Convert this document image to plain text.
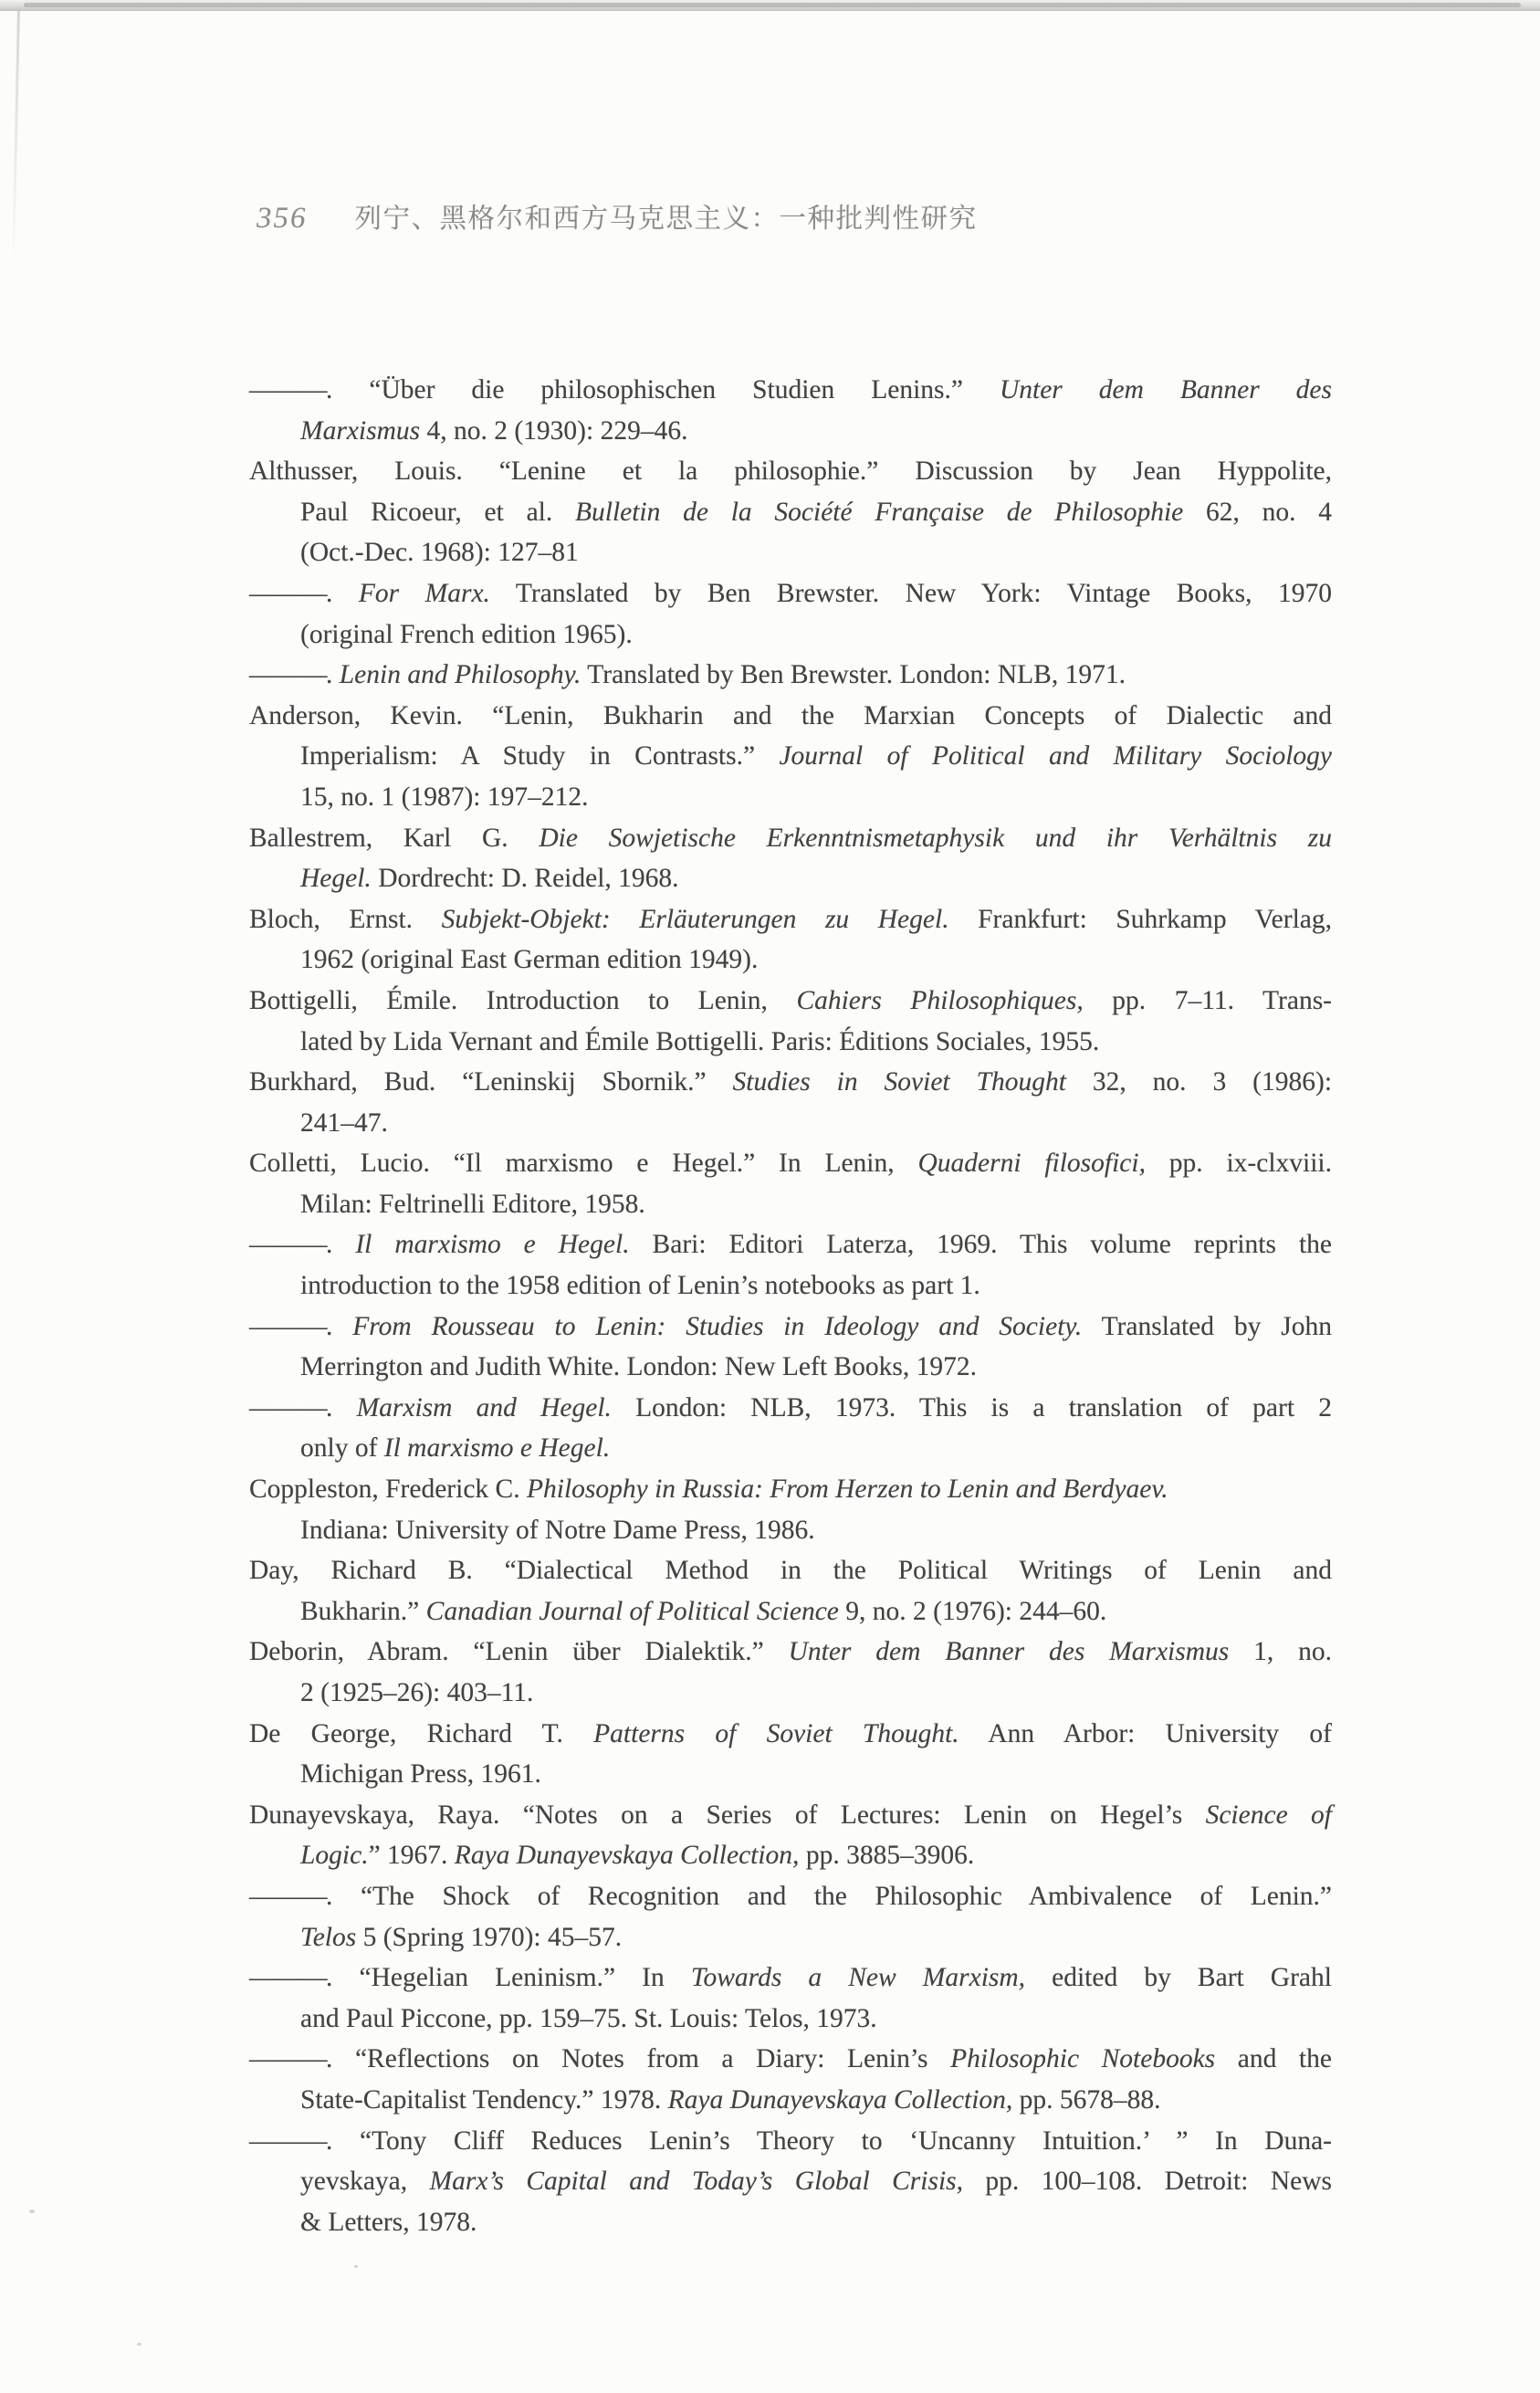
356 列宁、黑格尔和西方马克思主义：一种批判性研究
———. “Über die philosophischen Studien Lenins.” Unter dem Banner des
Marxismus 4, no. 2 (1930): 229–46.
Althusser, Louis. “Lenine et la philosophie.” Discussion by Jean Hyppolite,
Paul Ricoeur, et al. Bulletin de la Société Française de Philosophie 62, no. 4
(Oct.-Dec. 1968): 127–81
———. For Marx. Translated by Ben Brewster. New York: Vintage Books, 1970
(original French edition 1965).
———. Lenin and Philosophy. Translated by Ben Brewster. London: NLB, 1971.
Anderson, Kevin. “Lenin, Bukharin and the Marxian Concepts of Dialectic and
Imperialism: A Study in Contrasts.” Journal of Political and Military Sociology
15, no. 1 (1987): 197–212.
Ballestrem, Karl G. Die Sowjetische Erkenntnismetaphysik und ihr Verhältnis zu
Hegel. Dordrecht: D. Reidel, 1968.
Bloch, Ernst. Subjekt-Objekt: Erläuterungen zu Hegel. Frankfurt: Suhrkamp Verlag,
1962 (original East German edition 1949).
Bottigelli, Émile. Introduction to Lenin, Cahiers Philosophiques, pp. 7–11. Trans-
lated by Lida Vernant and Émile Bottigelli. Paris: Éditions Sociales, 1955.
Burkhard, Bud. “Leninskij Sbornik.” Studies in Soviet Thought 32, no. 3 (1986):
241–47.
Colletti, Lucio. “Il marxismo e Hegel.” In Lenin, Quaderni filosofici, pp. ix-clxviii.
Milan: Feltrinelli Editore, 1958.
———. Il marxismo e Hegel. Bari: Editori Laterza, 1969. This volume reprints the
introduction to the 1958 edition of Lenin’s notebooks as part 1.
———. From Rousseau to Lenin: Studies in Ideology and Society. Translated by John
Merrington and Judith White. London: New Left Books, 1972.
———. Marxism and Hegel. London: NLB, 1973. This is a translation of part 2
only of Il marxismo e Hegel.
Coppleston, Frederick C. Philosophy in Russia: From Herzen to Lenin and Berdyaev.
Indiana: University of Notre Dame Press, 1986.
Day, Richard B. “Dialectical Method in the Political Writings of Lenin and
Bukharin.” Canadian Journal of Political Science 9, no. 2 (1976): 244–60.
Deborin, Abram. “Lenin über Dialektik.” Unter dem Banner des Marxismus 1, no.
2 (1925–26): 403–11.
De George, Richard T. Patterns of Soviet Thought. Ann Arbor: University of
Michigan Press, 1961.
Dunayevskaya, Raya. “Notes on a Series of Lectures: Lenin on Hegel’s Science of
Logic.” 1967. Raya Dunayevskaya Collection, pp. 3885–3906.
———. “The Shock of Recognition and the Philosophic Ambivalence of Lenin.”
Telos 5 (Spring 1970): 45–57.
———. “Hegelian Leninism.” In Towards a New Marxism, edited by Bart Grahl
and Paul Piccone, pp. 159–75. St. Louis: Telos, 1973.
———. “Reflections on Notes from a Diary: Lenin’s Philosophic Notebooks and the
State-Capitalist Tendency.” 1978. Raya Dunayevskaya Collection, pp. 5678–88.
———. “Tony Cliff Reduces Lenin’s Theory to ‘Uncanny Intuition.’ ” In Duna-
yevskaya, Marx’s Capital and Today’s Global Crisis, pp. 100–108. Detroit: News
& Letters, 1978.
